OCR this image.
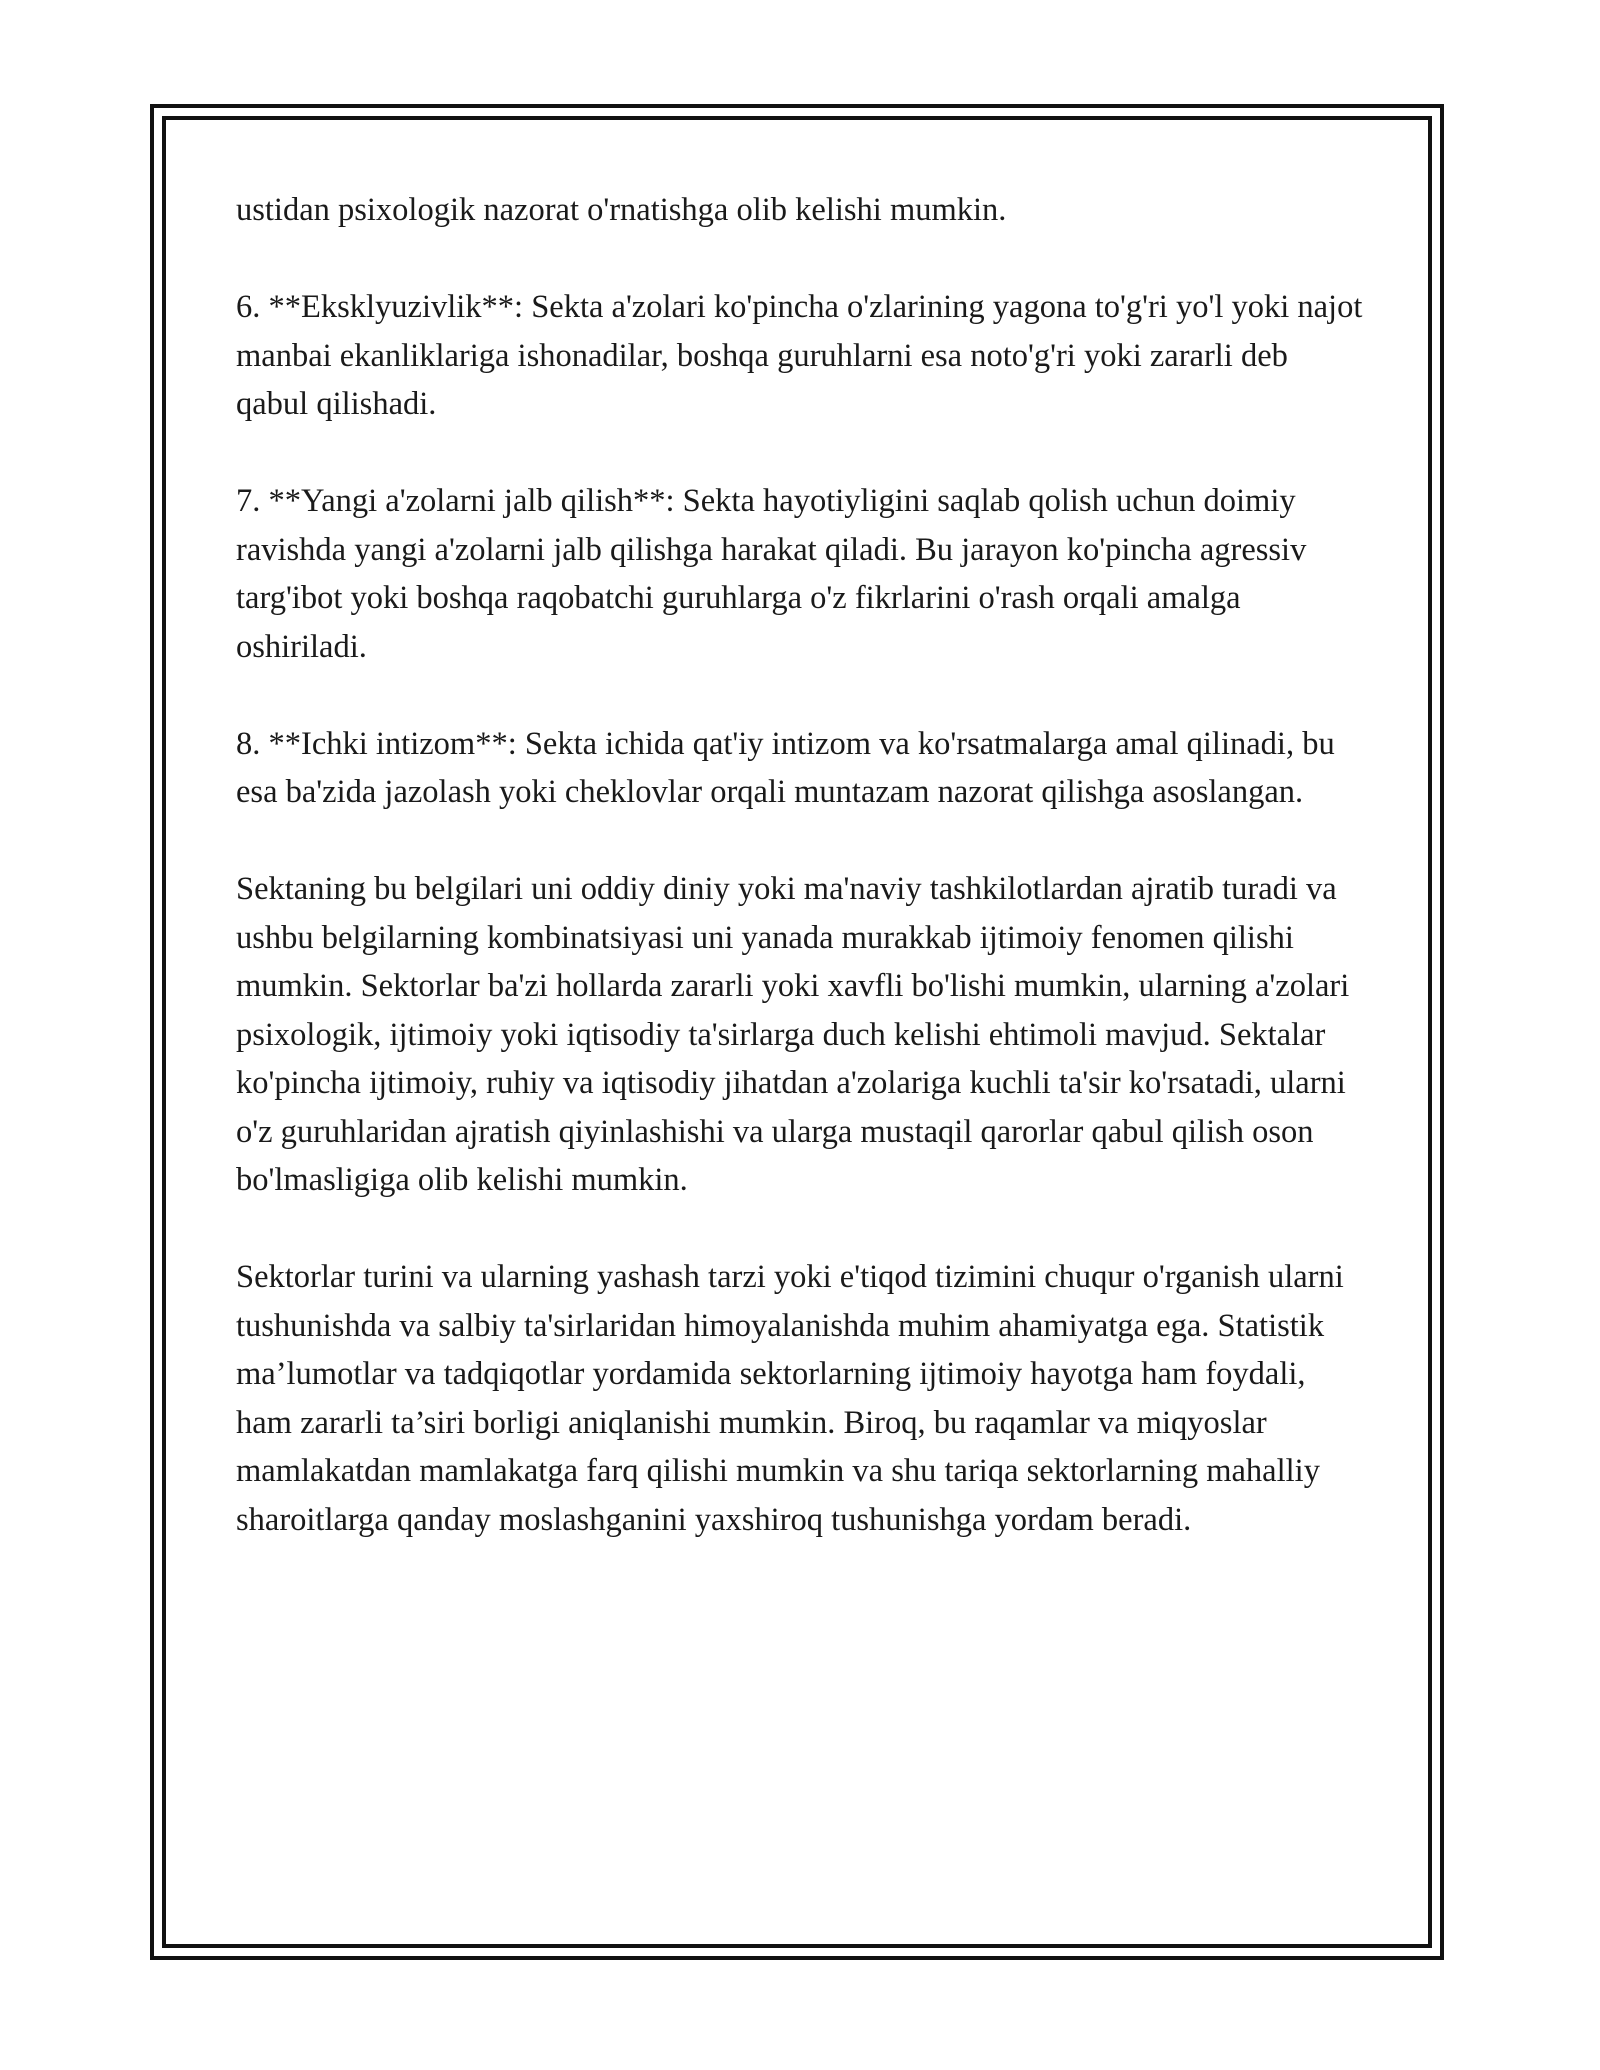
ustidan psixologik nazorat o'rnatishga olib kelishi mumkin.

6. **Eksklyuzivlik**: Sekta a'zolari ko'pincha o'zlarining yagona to'g'ri yo'l yoki najot manbai ekanliklariga ishonadilar, boshqa guruhlarni esa noto'g'ri yoki zararli deb qabul qilishadi.

7. **Yangi a'zolarni jalb qilish**: Sekta hayotiyligini saqlab qolish uchun doimiy ravishda yangi a'zolarni jalb qilishga harakat qiladi. Bu jarayon ko'pincha agressiv targ'ibot yoki boshqa raqobatchi guruhlarga o'z fikrlarini o'rash orqali amalga oshiriladi.

8. **Ichki intizom**: Sekta ichida qat'iy intizom va ko'rsatmalarga amal qilinadi, bu esa ba'zida jazolash yoki cheklovlar orqali muntazam nazorat qilishga asoslangan.

Sektaning bu belgilari uni oddiy diniy yoki ma'naviy tashkilotlardan ajratib turadi va ushbu belgilarning kombinatsiyasi uni yanada murakkab ijtimoiy fenomen qilishi mumkin. Sektorlar ba'zi hollarda zararli yoki xavfli bo'lishi mumkin, ularning a'zolari psixologik, ijtimoiy yoki iqtisodiy ta'sirlarga duch kelishi ehtimoli mavjud. Sektalar ko'pincha ijtimoiy, ruhiy va iqtisodiy jihatdan a'zolariga kuchli ta'sir ko'rsatadi, ularni o'z guruhlaridan ajratish qiyinlashishi va ularga mustaqil qarorlar qabul qilish oson bo'lmasligiga olib kelishi mumkin.

Sektorlar turini va ularning yashash tarzi yoki e'tiqod tizimini chuqur o'rganish ularni tushunishda va salbiy ta'sirlaridan himoyalanishda muhim ahamiyatga ega. Statistik ma’lumotlar va tadqiqotlar yordamida sektorlarning ijtimoiy hayotga ham foydali, ham zararli ta’siri borligi aniqlanishi mumkin. Biroq, bu raqamlar va miqyoslar mamlakatdan mamlakatga farq qilishi mumkin va shu tariqa sektorlarning mahalliy sharoitlarga qanday moslashganini yaxshiroq tushunishga yordam beradi.
